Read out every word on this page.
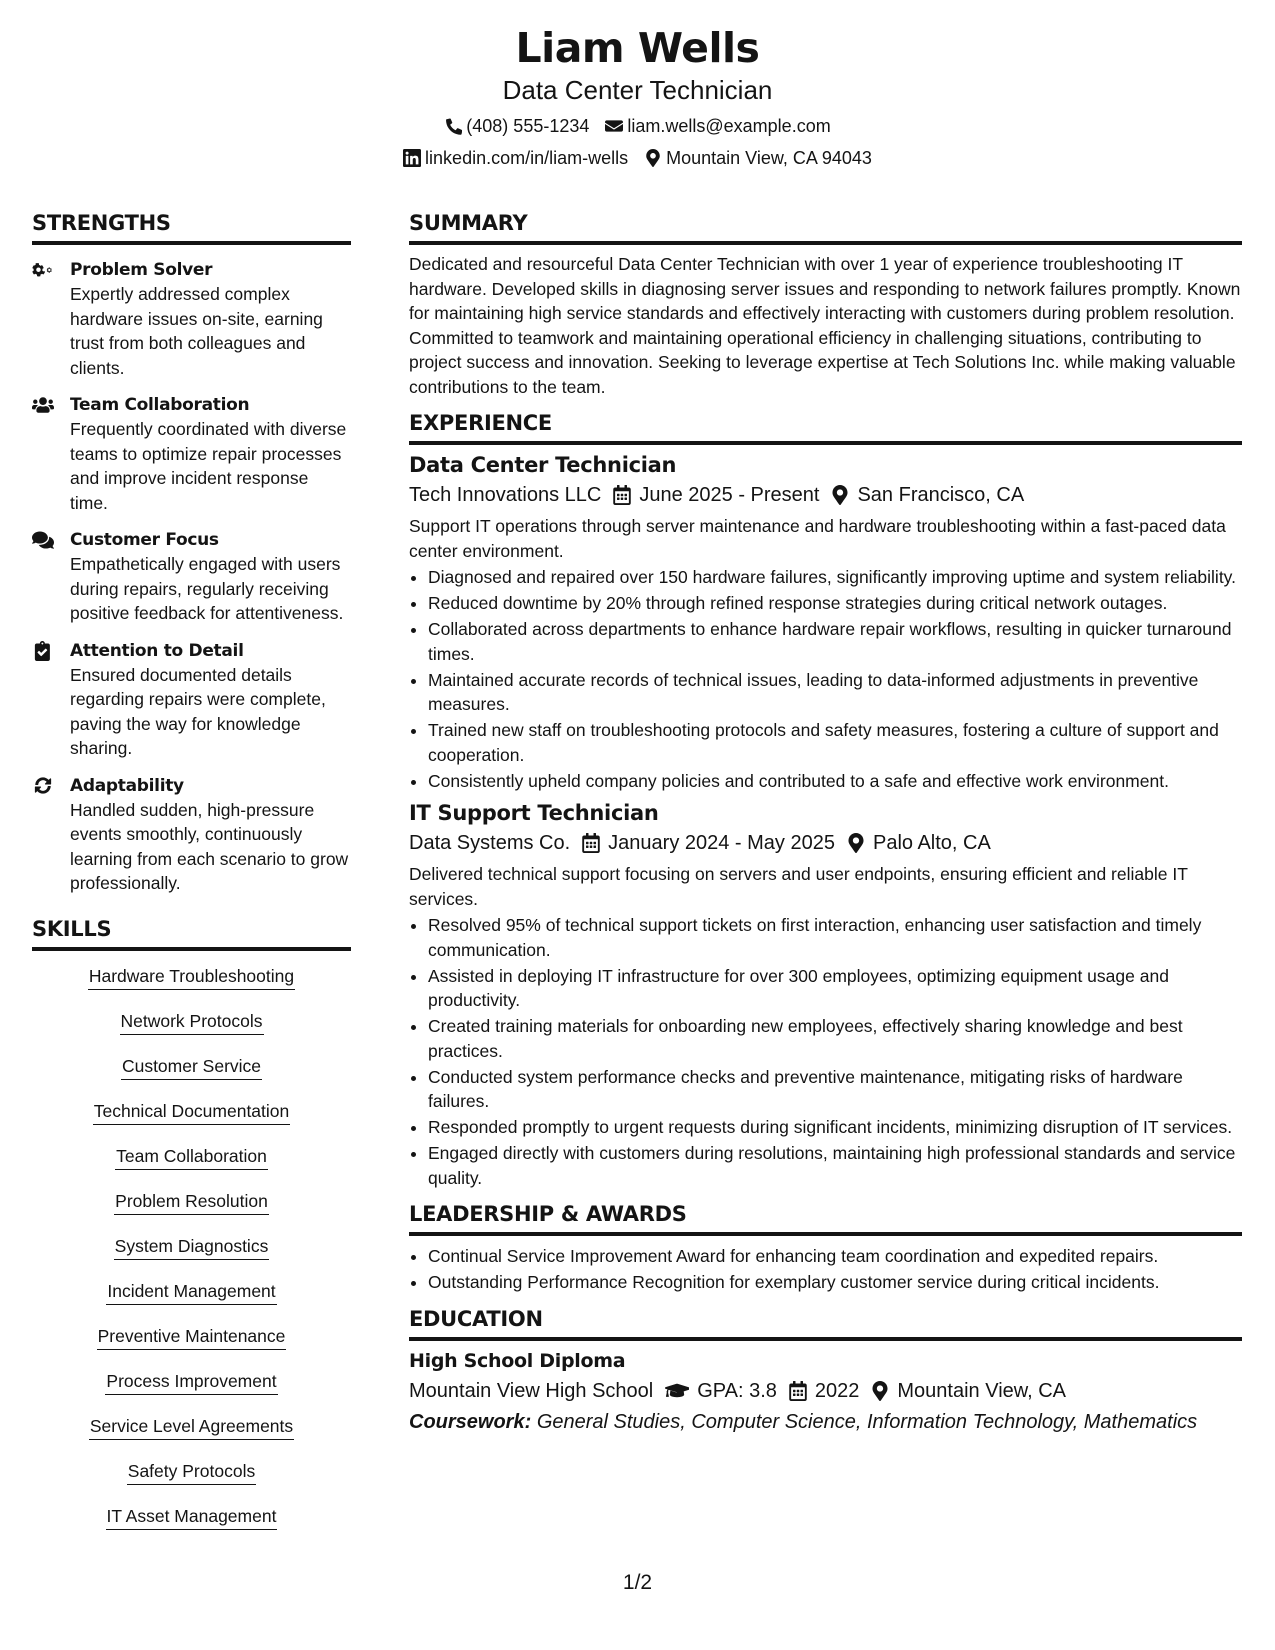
Liam Wells
Data Center Technician
(408) 555-1234 liam.wells@example.com
linkedin.com/in/liam-wells Mountain View, CA 94043
STRENGTHS
Problem Solver
Expertly addressed complex hardware issues on-site, earning trust from both colleagues and clients.
Team Collaboration
Frequently coordinated with diverse teams to optimize repair processes and improve incident response time.
Customer Focus
Empathetically engaged with users during repairs, regularly receiving positive feedback for attentiveness.
Attention to Detail
Ensured documented details regarding repairs were complete, paving the way for knowledge sharing.
Adaptability
Handled sudden, high-pressure events smoothly, continuously learning from each scenario to grow professionally.
SKILLS
Hardware Troubleshooting
Network Protocols
Customer Service
Technical Documentation
Team Collaboration
Problem Resolution
System Diagnostics
Incident Management
Preventive Maintenance
Process Improvement
Service Level Agreements
Safety Protocols
IT Asset Management
SUMMARY
Dedicated and resourceful Data Center Technician with over 1 year of experience troubleshooting IT hardware. Developed skills in diagnosing server issues and responding to network failures promptly. Known for maintaining high service standards and effectively interacting with customers during problem resolution. Committed to teamwork and maintaining operational efficiency in challenging situations, contributing to project success and innovation. Seeking to leverage expertise at Tech Solutions Inc. while making valuable contributions to the team.
EXPERIENCE
Data Center Technician
Tech Innovations LLC June 2025 - Present San Francisco, CA
Support IT operations through server maintenance and hardware troubleshooting within a fast-paced data center environment.
• Diagnosed and repaired over 150 hardware failures, significantly improving uptime and system reliability.
• Reduced downtime by 20% through refined response strategies during critical network outages.
• Collaborated across departments to enhance hardware repair workflows, resulting in quicker turnaround times.
• Maintained accurate records of technical issues, leading to data-informed adjustments in preventive measures.
• Trained new staff on troubleshooting protocols and safety measures, fostering a culture of support and cooperation.
• Consistently upheld company policies and contributed to a safe and effective work environment.
IT Support Technician
Data Systems Co. January 2024 - May 2025 Palo Alto, CA
Delivered technical support focusing on servers and user endpoints, ensuring efficient and reliable IT services.
• Resolved 95% of technical support tickets on first interaction, enhancing user satisfaction and timely communication.
• Assisted in deploying IT infrastructure for over 300 employees, optimizing equipment usage and productivity.
• Created training materials for onboarding new employees, effectively sharing knowledge and best practices.
• Conducted system performance checks and preventive maintenance, mitigating risks of hardware failures.
• Responded promptly to urgent requests during significant incidents, minimizing disruption of IT services.
• Engaged directly with customers during resolutions, maintaining high professional standards and service quality.
LEADERSHIP & AWARDS
• Continual Service Improvement Award for enhancing team coordination and expedited repairs.
• Outstanding Performance Recognition for exemplary customer service during critical incidents.
EDUCATION
High School Diploma
Mountain View High School GPA: 3.8 2022 Mountain View, CA
Coursework: General Studies, Computer Science, Information Technology, Mathematics
1/2
